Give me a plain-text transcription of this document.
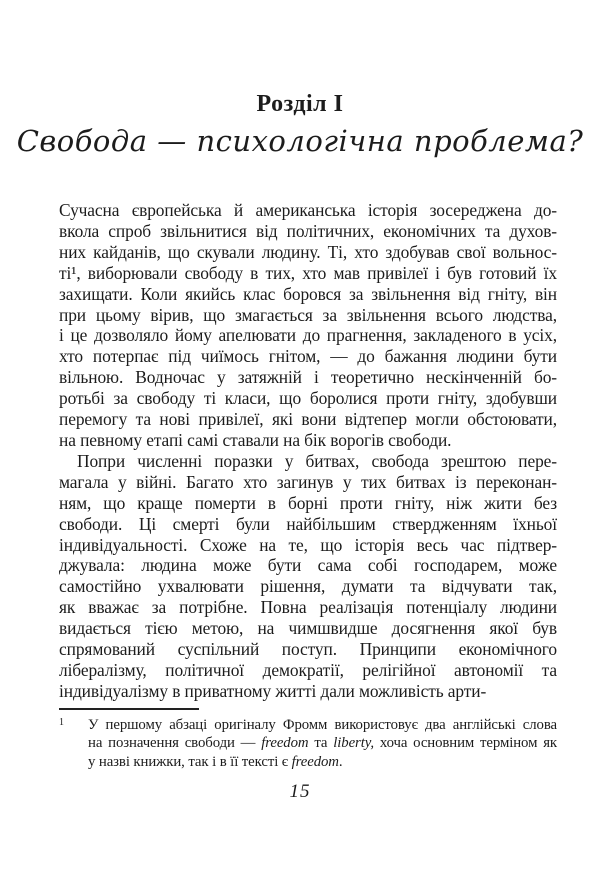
Розділ I
Свобода — психологічна проблема?
Сучасна європейська й американська історія зосереджена до-
вкола спроб звільнитися від політичних, економічних та духов-
них кайданів, що скували людину. Ті, хто здобував свої вольнос-
ті¹, виборювали свободу в тих, хто мав привілеї і був готовий їх
захищати. Коли якийсь клас боровся за звільнення від гніту, він
при цьому вірив, що змагається за звільнення всього людства,
і це дозволяло йому апелювати до прагнення, закладеного в усіх,
хто потерпає під чиїмось гнітом, — до бажання людини бути
вільною. Водночас у затяжній і теоретично нескінченній бо-
ротьбі за свободу ті класи, що боролися проти гніту, здобувши
перемогу та нові привілеї, які вони відтепер могли обстоювати,
на певному етапі самі ставали на бік ворогів свободи.
Попри численні поразки у битвах, свобода зрештою пере-
магала у війні. Багато хто загинув у тих битвах із переконан-
ням, що краще померти в борні проти гніту, ніж жити без
свободи. Ці смерті були найбільшим ствердженням їхньої
індивідуальності. Схоже на те, що історія весь час підтвер-
джувала: людина може бути сама собі господарем, може
самостійно ухвалювати рішення, думати та відчувати так,
як вважає за потрібне. Повна реалізація потенціалу людини
видається тією метою, на чимшвидше досягнення якої був
спрямований суспільний поступ. Принципи економічного
лібералізму, політичної демократії, релігійної автономії та
індивідуалізму в приватному житті дали можливість арти-
1	У першому абзаці оригіналу Фромм використовує два англійські слова
на позначення свободи — freedom та liberty, хоча основним терміном як
у назві книжки, так і в її тексті є freedom.
15
